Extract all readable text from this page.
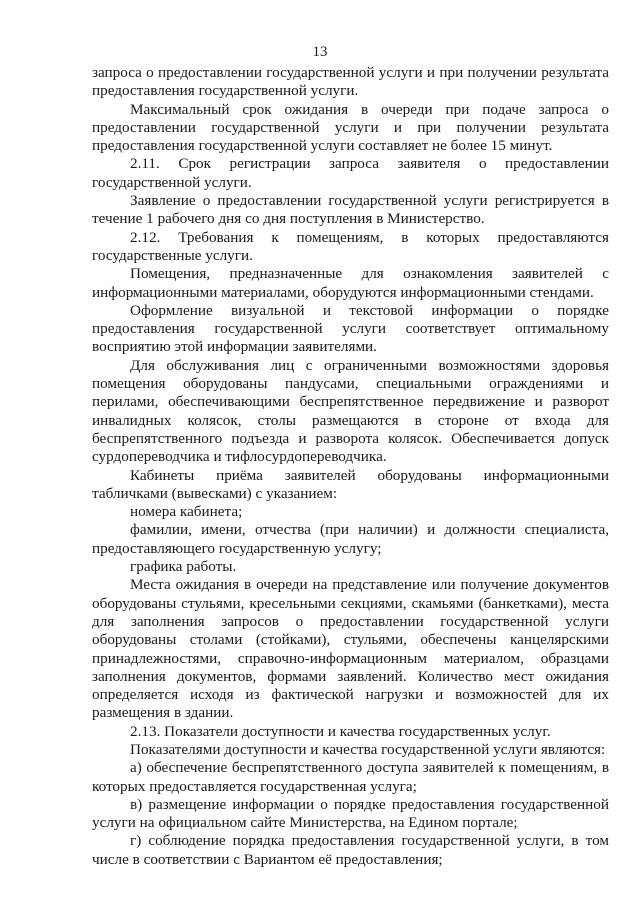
13

запроса о предоставлении государственной услуги и при получении результата предоставления государственной услуги.

Максимальный срок ожидания в очереди при подаче запроса о предоставлении государственной услуги и при получении результата предоставления государственной услуги составляет не более 15 минут.

2.11. Срок регистрации запроса заявителя о предоставлении государственной услуги.

Заявление о предоставлении государственной услуги регистрируется в течение 1 рабочего дня со дня поступления в Министерство.

2.12. Требования к помещениям, в которых предоставляются государственные услуги.

Помещения, предназначенные для ознакомления заявителей с информационными материалами, оборудуются информационными стендами.

Оформление визуальной и текстовой информации о порядке предоставления государственной услуги соответствует оптимальному восприятию этой информации заявителями.

Для обслуживания лиц с ограниченными возможностями здоровья помещения оборудованы пандусами, специальными ограждениями и перилами, обеспечивающими беспрепятственное передвижение и разворот инвалидных колясок, столы размещаются в стороне от входа для беспрепятственного подъезда и разворота колясок. Обеспечивается допуск сурдопереводчика и тифлосурдопереводчика.

Кабинеты приёма заявителей оборудованы информационными табличками (вывесками) с указанием:

номера кабинета;

фамилии, имени, отчества (при наличии) и должности специалиста, предоставляющего государственную услугу;

графика работы.

Места ожидания в очереди на представление или получение документов оборудованы стульями, кресельными секциями, скамьями (банкетками), места для заполнения запросов о предоставлении государственной услуги оборудованы столами (стойками), стульями, обеспечены канцелярскими принадлежностями, справочно-информационным материалом, образцами заполнения документов, формами заявлений. Количество мест ожидания определяется исходя из фактической нагрузки и возможностей для их размещения в здании.

2.13. Показатели доступности и качества государственных услуг.

Показателями доступности и качества государственной услуги являются:

а) обеспечение беспрепятственного доступа заявителей к помещениям, в которых предоставляется государственная услуга;

в) размещение информации о порядке предоставления государственной услуги на официальном сайте Министерства, на Едином портале;

г) соблюдение порядка предоставления государственной услуги, в том числе в соответствии с Вариантом её предоставления;
